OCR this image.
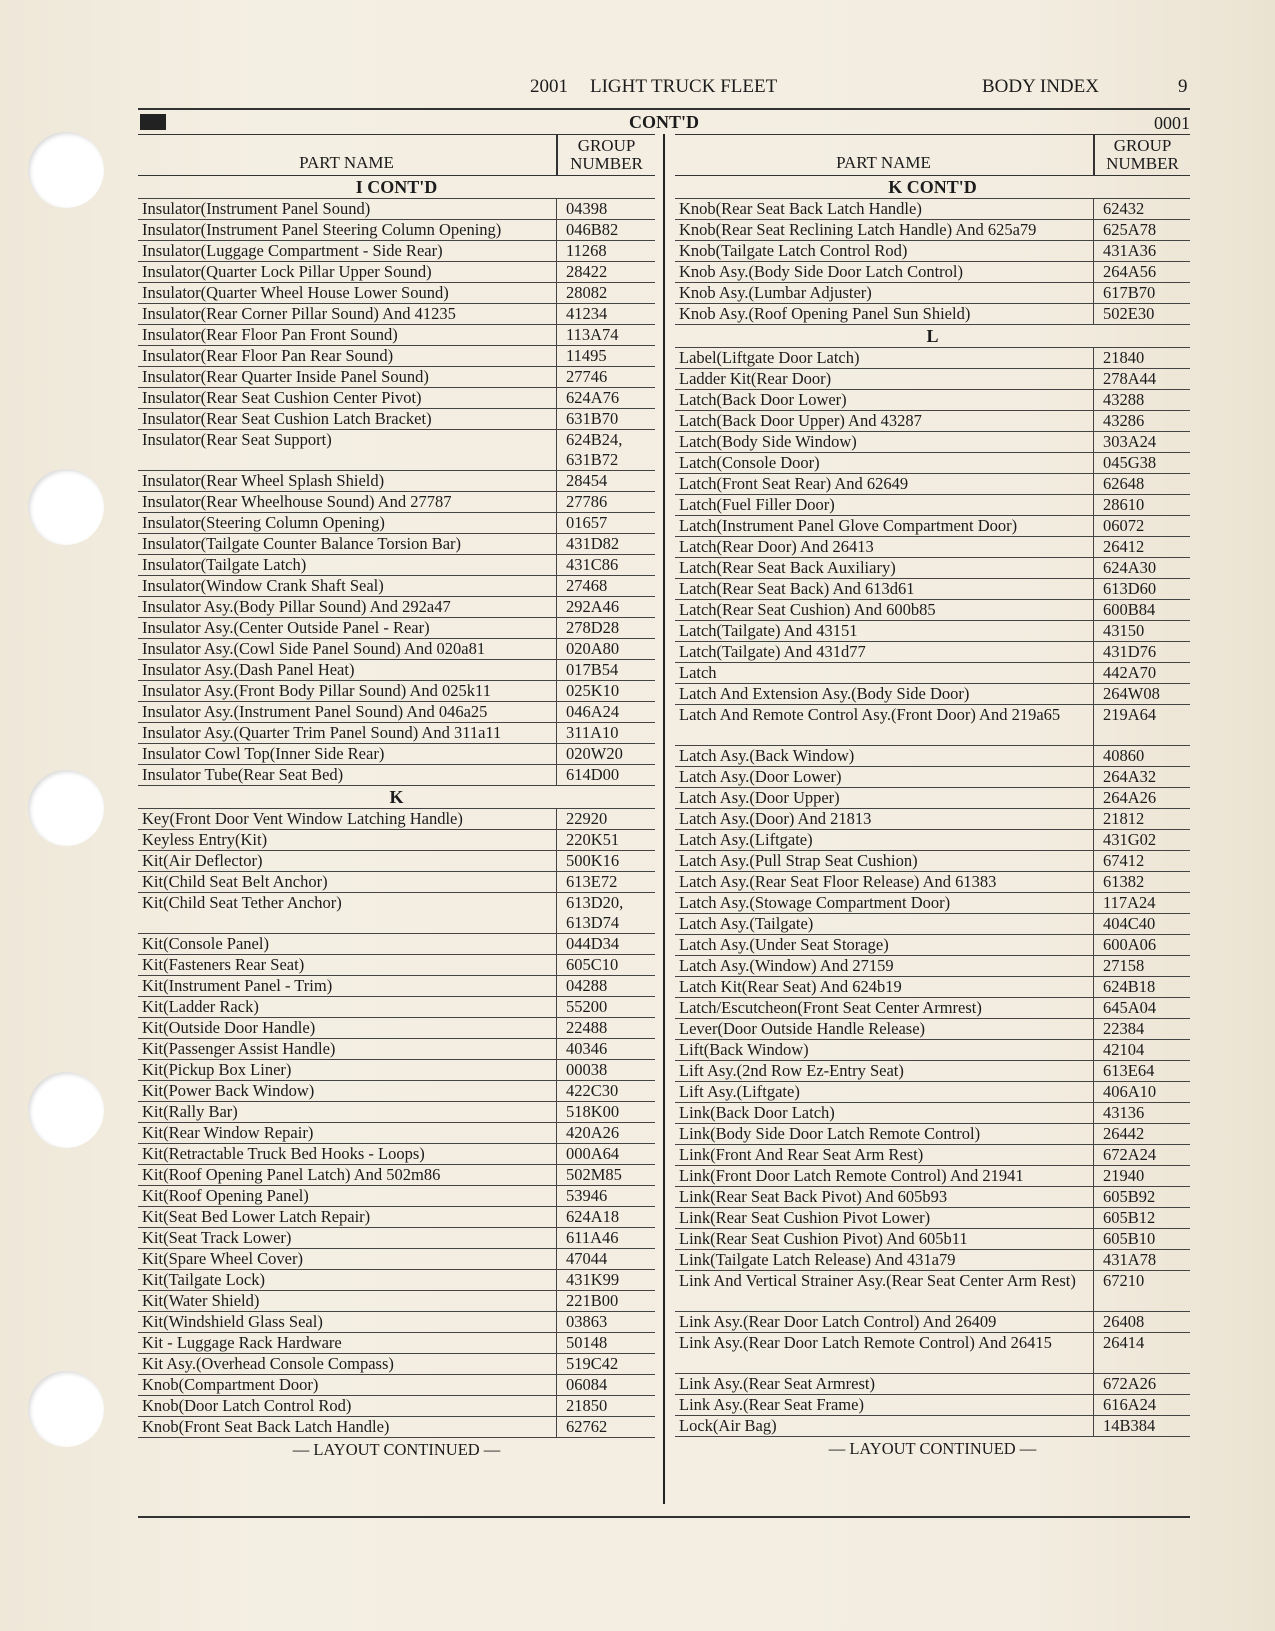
2001 LIGHT TRUCK FLEET	BODY INDEX	9
CONT'D	0001
PART NAME
GROUP
NUMBER
I CONT'D
Insulator(Instrument Panel Sound)	04398
Insulator(Instrument Panel Steering Column Opening)	046B82
Insulator(Luggage Compartment - Side Rear)	11268
Insulator(Quarter Lock Pillar Upper Sound)	28422
Insulator(Quarter Wheel House Lower Sound)	28082
Insulator(Rear Corner Pillar Sound) And 41235	41234
Insulator(Rear Floor Pan Front Sound)	113A74
Insulator(Rear Floor Pan Rear Sound)	11495
Insulator(Rear Quarter Inside Panel Sound)	27746
Insulator(Rear Seat Cushion Center Pivot)	624A76
Insulator(Rear Seat Cushion Latch Bracket)	631B70
Insulator(Rear Seat Support)	624B24,
631B72
Insulator(Rear Wheel Splash Shield)	28454
Insulator(Rear Wheelhouse Sound) And 27787	27786
Insulator(Steering Column Opening)	01657
Insulator(Tailgate Counter Balance Torsion Bar)	431D82
Insulator(Tailgate Latch)	431C86
Insulator(Window Crank Shaft Seal)	27468
Insulator Asy.(Body Pillar Sound) And 292a47	292A46
Insulator Asy.(Center Outside Panel - Rear)	278D28
Insulator Asy.(Cowl Side Panel Sound) And 020a81	020A80
Insulator Asy.(Dash Panel Heat)	017B54
Insulator Asy.(Front Body Pillar Sound) And 025k11	025K10
Insulator Asy.(Instrument Panel Sound) And 046a25	046A24
Insulator Asy.(Quarter Trim Panel Sound) And 311a11	311A10
Insulator Cowl Top(Inner Side Rear)	020W20
Insulator Tube(Rear Seat Bed)	614D00
K
Key(Front Door Vent Window Latching Handle)	22920
Keyless Entry(Kit)	220K51
Kit(Air Deflector)	500K16
Kit(Child Seat Belt Anchor)	613E72
Kit(Child Seat Tether Anchor)	613D20,
613D74
Kit(Console Panel)	044D34
Kit(Fasteners Rear Seat)	605C10
Kit(Instrument Panel - Trim)	04288
Kit(Ladder Rack)	55200
Kit(Outside Door Handle)	22488
Kit(Passenger Assist Handle)	40346
Kit(Pickup Box Liner)	00038
Kit(Power Back Window)	422C30
Kit(Rally Bar)	518K00
Kit(Rear Window Repair)	420A26
Kit(Retractable Truck Bed Hooks - Loops)	000A64
Kit(Roof Opening Panel Latch) And 502m86	502M85
Kit(Roof Opening Panel)	53946
Kit(Seat Bed Lower Latch Repair)	624A18
Kit(Seat Track Lower)	611A46
Kit(Spare Wheel Cover)	47044
Kit(Tailgate Lock)	431K99
Kit(Water Shield)	221B00
Kit(Windshield Glass Seal)	03863
Kit - Luggage Rack Hardware	50148
Kit Asy.(Overhead Console Compass)	519C42
Knob(Compartment Door)	06084
Knob(Door Latch Control Rod)	21850
Knob(Front Seat Back Latch Handle)	62762
— LAYOUT CONTINUED —
PART NAME
GROUP
NUMBER
K CONT'D
Knob(Rear Seat Back Latch Handle)	62432
Knob(Rear Seat Reclining Latch Handle) And 625a79	625A78
Knob(Tailgate Latch Control Rod)	431A36
Knob Asy.(Body Side Door Latch Control)	264A56
Knob Asy.(Lumbar Adjuster)	617B70
Knob Asy.(Roof Opening Panel Sun Shield)	502E30
L
Label(Liftgate Door Latch)	21840
Ladder Kit(Rear Door)	278A44
Latch(Back Door Lower)	43288
Latch(Back Door Upper) And 43287	43286
Latch(Body Side Window)	303A24
Latch(Console Door)	045G38
Latch(Front Seat Rear) And 62649	62648
Latch(Fuel Filler Door)	28610
Latch(Instrument Panel Glove Compartment Door)	06072
Latch(Rear Door) And 26413	26412
Latch(Rear Seat Back Auxiliary)	624A30
Latch(Rear Seat Back) And 613d61	613D60
Latch(Rear Seat Cushion) And 600b85	600B84
Latch(Tailgate) And 43151	43150
Latch(Tailgate) And 431d77	431D76
Latch	442A70
Latch And Extension Asy.(Body Side Door)	264W08
Latch And Remote Control Asy.(Front Door) And 219a65	219A64
Latch Asy.(Back Window)	40860
Latch Asy.(Door Lower)	264A32
Latch Asy.(Door Upper)	264A26
Latch Asy.(Door) And 21813	21812
Latch Asy.(Liftgate)	431G02
Latch Asy.(Pull Strap Seat Cushion)	67412
Latch Asy.(Rear Seat Floor Release) And 61383	61382
Latch Asy.(Stowage Compartment Door)	117A24
Latch Asy.(Tailgate)	404C40
Latch Asy.(Under Seat Storage)	600A06
Latch Asy.(Window) And 27159	27158
Latch Kit(Rear Seat) And 624b19	624B18
Latch/Escutcheon(Front Seat Center Armrest)	645A04
Lever(Door Outside Handle Release)	22384
Lift(Back Window)	42104
Lift Asy.(2nd Row Ez-Entry Seat)	613E64
Lift Asy.(Liftgate)	406A10
Link(Back Door Latch)	43136
Link(Body Side Door Latch Remote Control)	26442
Link(Front And Rear Seat Arm Rest)	672A24
Link(Front Door Latch Remote Control) And 21941	21940
Link(Rear Seat Back Pivot) And 605b93	605B92
Link(Rear Seat Cushion Pivot Lower)	605B12
Link(Rear Seat Cushion Pivot) And 605b11	605B10
Link(Tailgate Latch Release) And 431a79	431A78
Link And Vertical Strainer Asy.(Rear Seat Center Arm Rest)	67210
Link Asy.(Rear Door Latch Control) And 26409	26408
Link Asy.(Rear Door Latch Remote Control) And 26415	26414
Link Asy.(Rear Seat Armrest)	672A26
Link Asy.(Rear Seat Frame)	616A24
Lock(Air Bag)	14B384
— LAYOUT CONTINUED —
